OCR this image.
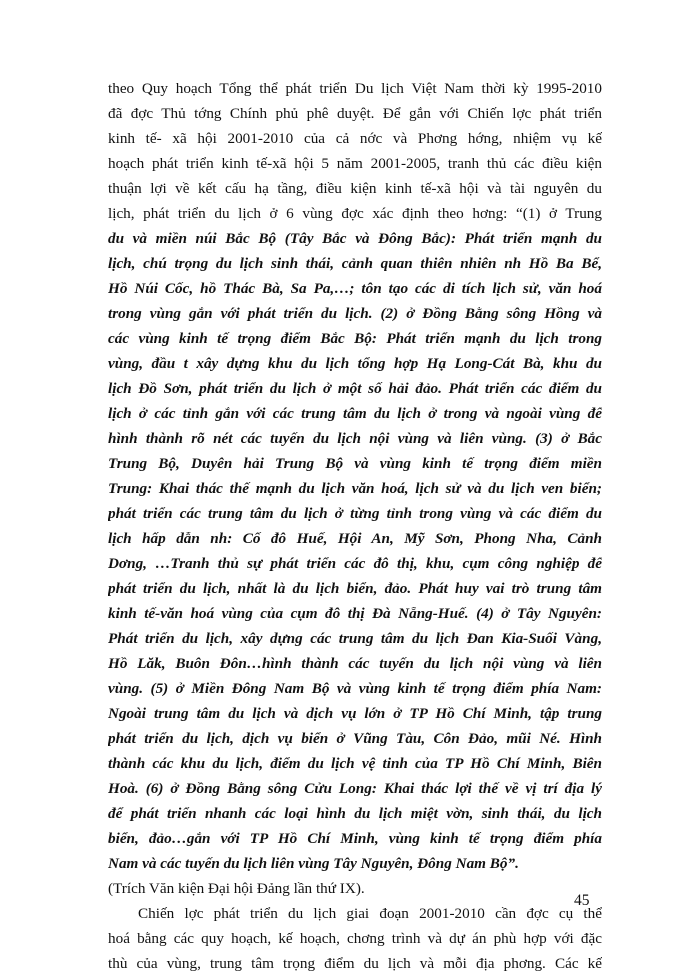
theo Quy hoạch Tổng thể phát triển Du lịch Việt Nam thời kỳ 1995-2010
đã đợc Thủ tớng Chính phủ phê duyệt. Để gắn với Chiến lợc phát triển
kinh tế- xã hội 2001-2010 của cả nớc và Phơng hớng, nhiệm vụ kế
hoạch phát triển kinh tế-xã hội 5 năm 2001-2005, tranh thủ các điều kiện
thuận lợi về kết cấu hạ tầng, điều kiện kinh tế-xã hội và tài nguyên du
lịch, phát triển du lịch ở 6 vùng đợc xác định theo hơng: “(1) ở Trung
du và miền núi Bắc Bộ (Tây Bắc và Đông Bắc): Phát triển mạnh du
lịch, chú trọng du lịch sinh thái, cảnh quan thiên nhiên nh Hồ Ba Bể,
Hồ Núi Cốc, hồ Thác Bà, Sa Pa,…; tôn tạo các di tích lịch sử, văn hoá
trong vùng gắn với phát triển du lịch. (2) ở Đồng Bằng sông Hồng và
các vùng kinh tế trọng điểm Bắc Bộ: Phát triển mạnh du lịch trong
vùng, đầu t xây dựng khu du lịch tổng hợp Hạ Long-Cát Bà, khu du
lịch Đồ Sơn, phát triển du lịch ở một số hải đảo. Phát triển các điểm du
lịch ở các tỉnh gắn với các trung tâm du lịch ở trong và ngoài vùng để
hình thành rõ nét các tuyến du lịch nội vùng và liên vùng. (3) ở Bắc
Trung Bộ, Duyên hải Trung Bộ và vùng kinh tế trọng điểm miền
Trung: Khai thác thế mạnh du lịch văn hoá, lịch sử và du lịch ven biển;
phát triển các trung tâm du lịch ở từng tỉnh trong vùng và các điểm du
lịch hấp dẫn nh: Cố đô Huế, Hội An, Mỹ Sơn, Phong Nha, Cảnh
Dơng, …Tranh thủ sự phát triển các đô thị, khu, cụm công nghiệp để
phát triển du lịch, nhất là du lịch biển, đảo. Phát huy vai trò trung tâm
kinh tế-văn hoá vùng của cụm đô thị Đà Nẵng-Huế. (4) ở Tây Nguyên:
Phát triển du lịch, xây dựng các trung tâm du lịch Đan Kia-Suối Vàng,
Hồ Lăk, Buôn Đôn…hình thành các tuyến du lịch nội vùng và liên
vùng. (5) ở Miền Đông Nam Bộ và vùng kinh tế trọng điểm phía Nam:
Ngoài trung tâm du lịch và dịch vụ lớn ở TP Hồ Chí Minh, tập trung
phát triển du lịch, dịch vụ biển ở Vũng Tàu, Côn Đảo, mũi Né. Hình
thành các khu du lịch, điểm du lịch vệ tinh của TP Hồ Chí Minh, Biên
Hoà. (6) ở Đồng Bằng sông Cửu Long: Khai thác lợi thế về vị trí địa lý
để phát triển nhanh các loại hình du lịch miệt vờn, sinh thái, du lịch
biển, đảo…gắn với TP Hồ Chí Minh, vùng kinh tế trọng điểm phía
Nam và các tuyến du lịch liên vùng Tây Nguyên, Đông Nam Bộ”.
(Trích Văn kiện Đại hội Đảng lần thứ IX).
Chiến lợc phát triển du lịch giai đoạn 2001-2010 cần đợc cụ thể
hoá bằng các quy hoạch, kế hoạch, chơng trình và dự án phù hợp với đặc
thù của vùng, trung tâm trọng điểm du lịch và mỗi địa phơng. Các kế
45
